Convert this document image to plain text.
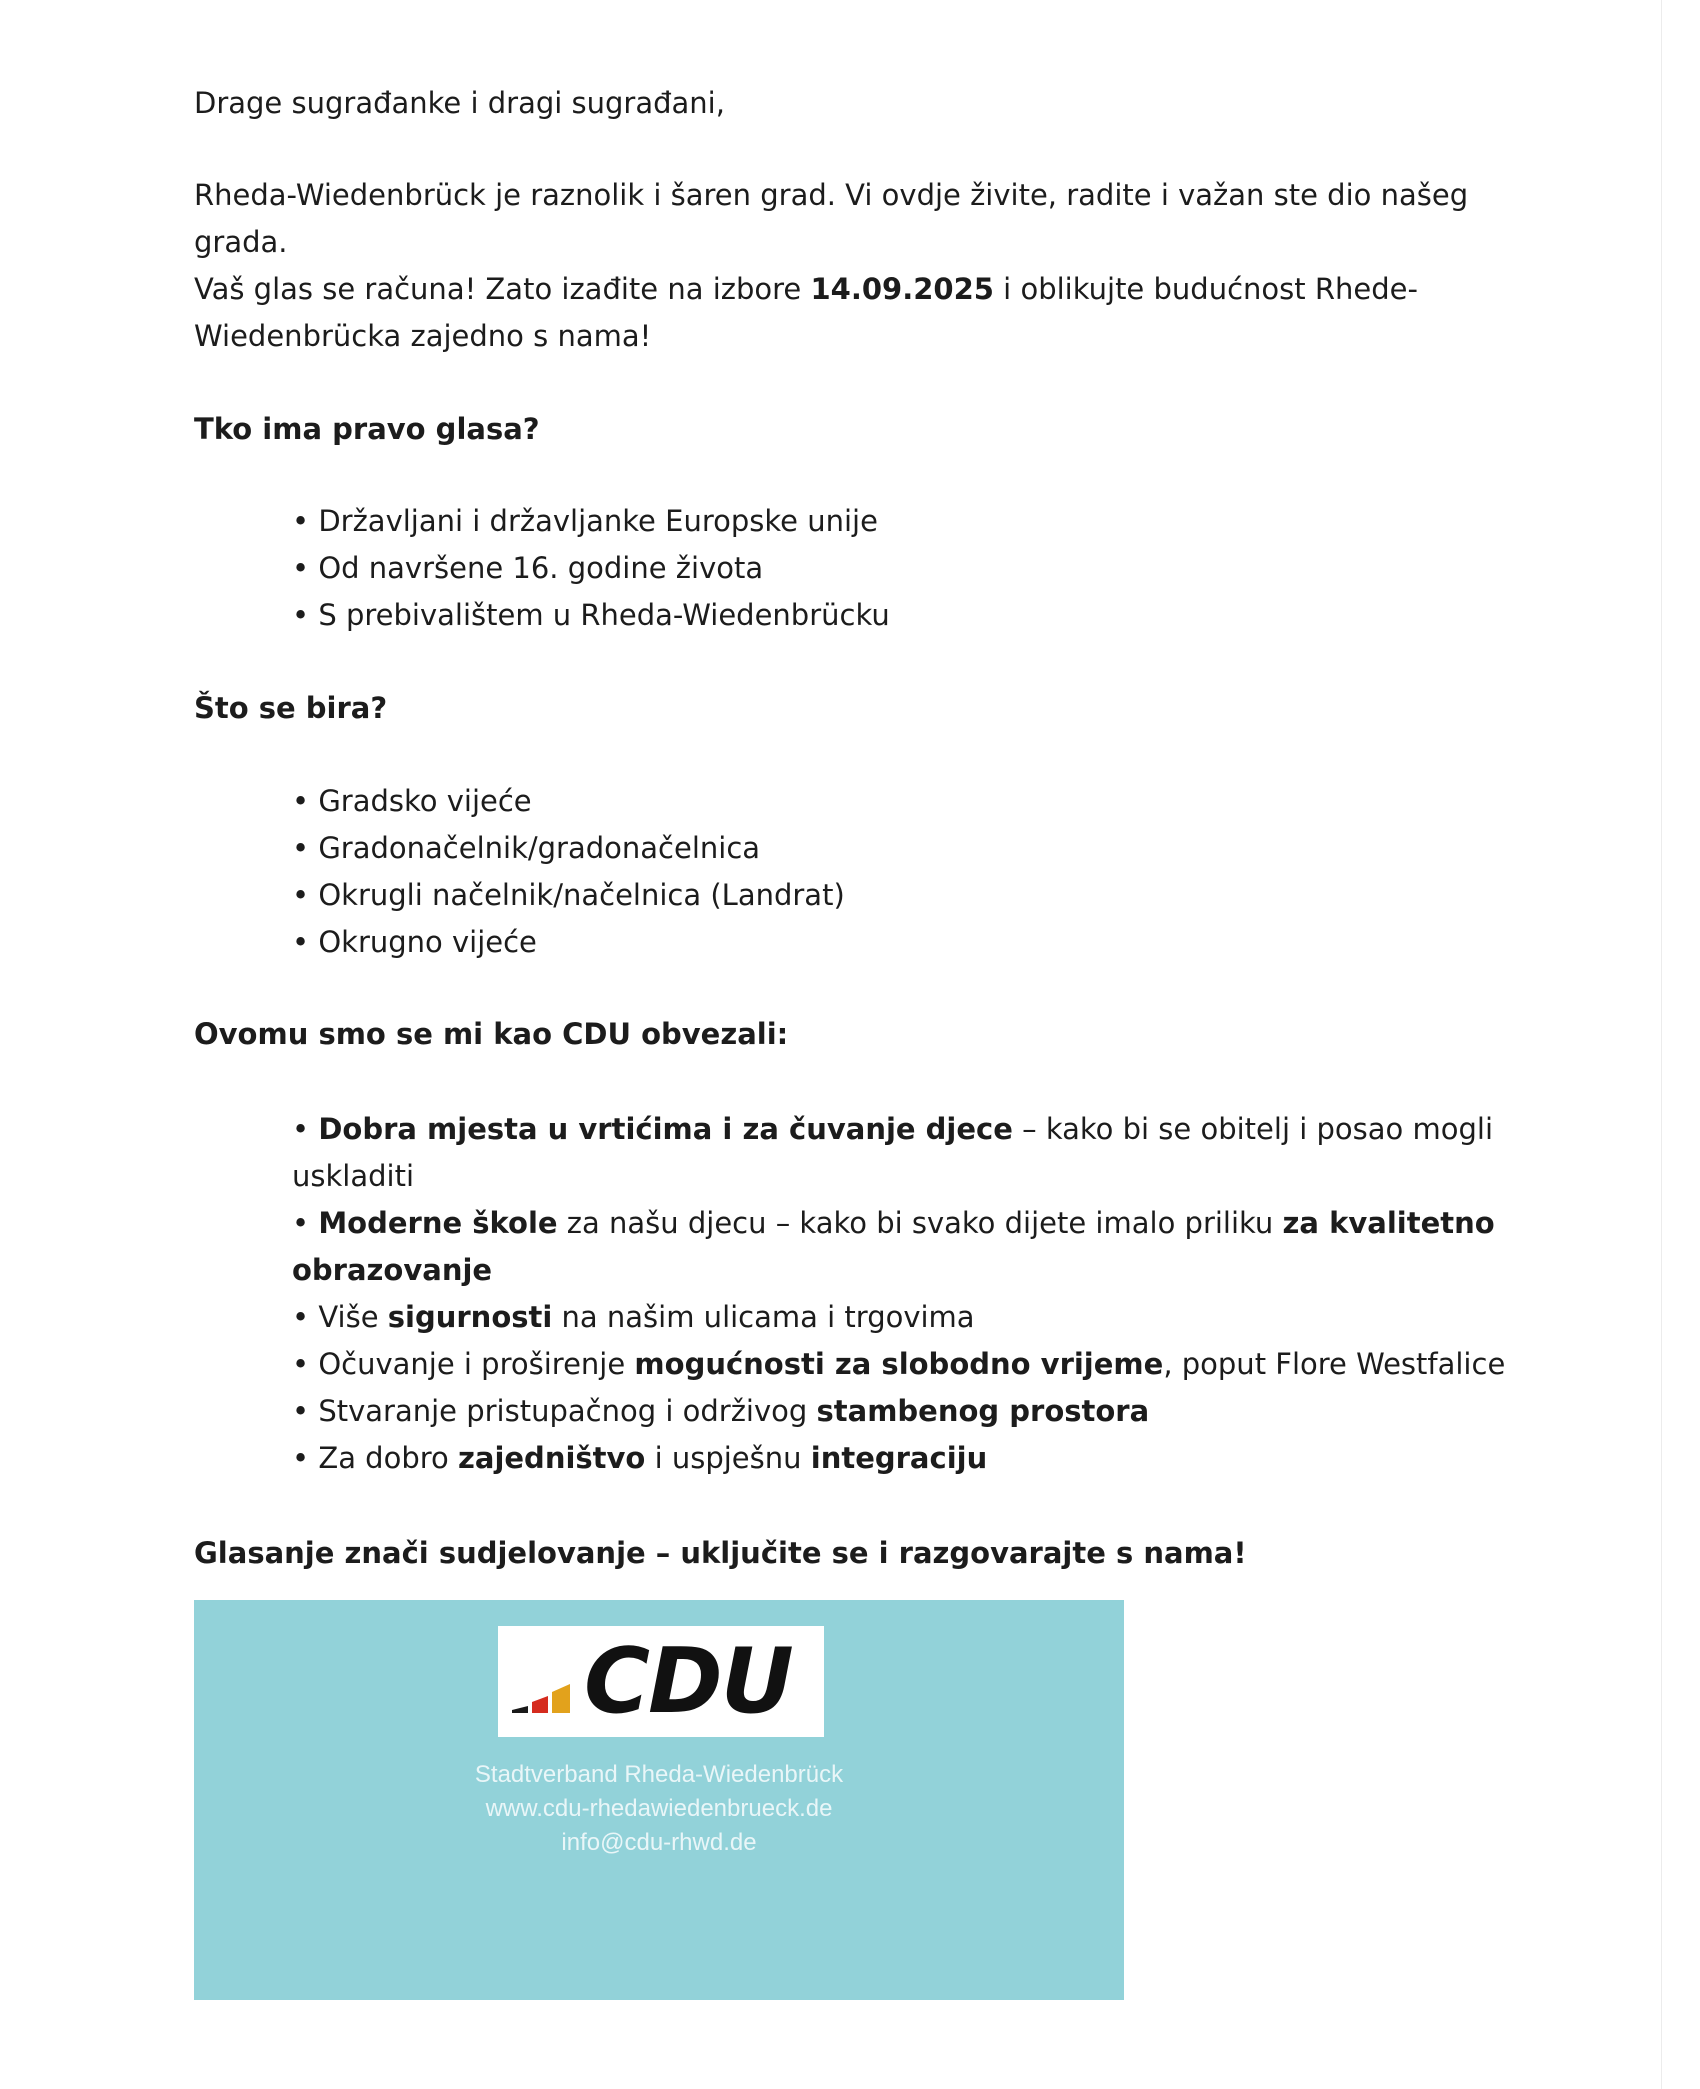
Drage sugrađanke i dragi sugrađani,

Rheda-Wiedenbrück je raznolik i šaren grad. Vi ovdje živite, radite i važan ste dio našeg

grada.

Vaš glas se računa! Zato izađite na izbore 14.09.2025 i oblikujte budućnost Rhede-

Wiedenbrücka zajedno s nama!

Tko ima pravo glasa?

• Državljani i državljanke Europske unije

• Od navršene 16. godine života

• S prebivalištem u Rheda-Wiedenbrücku

Što se bira?

• Gradsko vijeće

• Gradonačelnik/gradonačelnica

• Okrugli načelnik/načelnica (Landrat)

• Okrugno vijeće

Ovomu smo se mi kao CDU obvezali:

• Dobra mjesta u vrtićima i za čuvanje djece – kako bi se obitelj i posao mogli

uskladiti

• Moderne škole za našu djecu – kako bi svako dijete imalo priliku za kvalitetno

obrazovanje

• Više sigurnosti na našim ulicama i trgovima

• Očuvanje i proširenje mogućnosti za slobodno vrijeme, poput Flore Westfalice

• Stvaranje pristupačnog i održivog stambenog prostora

• Za dobro zajedništvo i uspješnu integraciju

Glasanje znači sudjelovanje – uključite se i razgovarajte s nama!

CDU
Stadtverband Rheda-Wiedenbrück
www.cdu-rhedawiedenbrueck.de
info@cdu-rhwd.de
